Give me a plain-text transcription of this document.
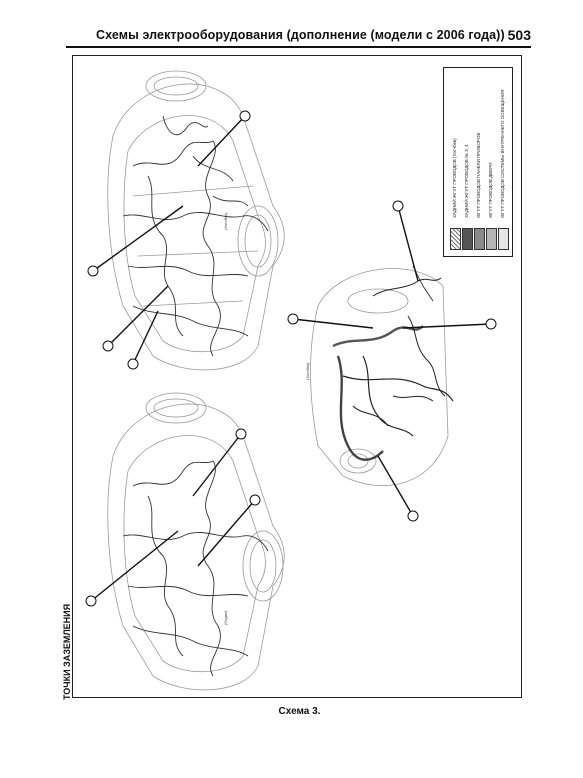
Схемы электрооборудования (дополнение (модели с 2006 года)) 503
(Хэтчбек)
(Седан)
(Хэтчбек)
ЗАДНИЙ ЖГУТ ПРОВОДОВ (Хэтчбек) ЗАДНИЙ ЖГУТ ПРОВОДОВ № 3, 4 ЖГУТ ПРОВОДОВ ПАНЕЛИ ПРИБОРОВ ЖГУТ ПРОВОДОВ ДВЕРИ ЖГУТ ПРОВОДОВ СИСТЕМЫ ВНУТРЕННЕГО ОСВЕЩЕНИЯ
ТОЧКИ ЗАЗЕМЛЕНИЯ
Схема 3.
